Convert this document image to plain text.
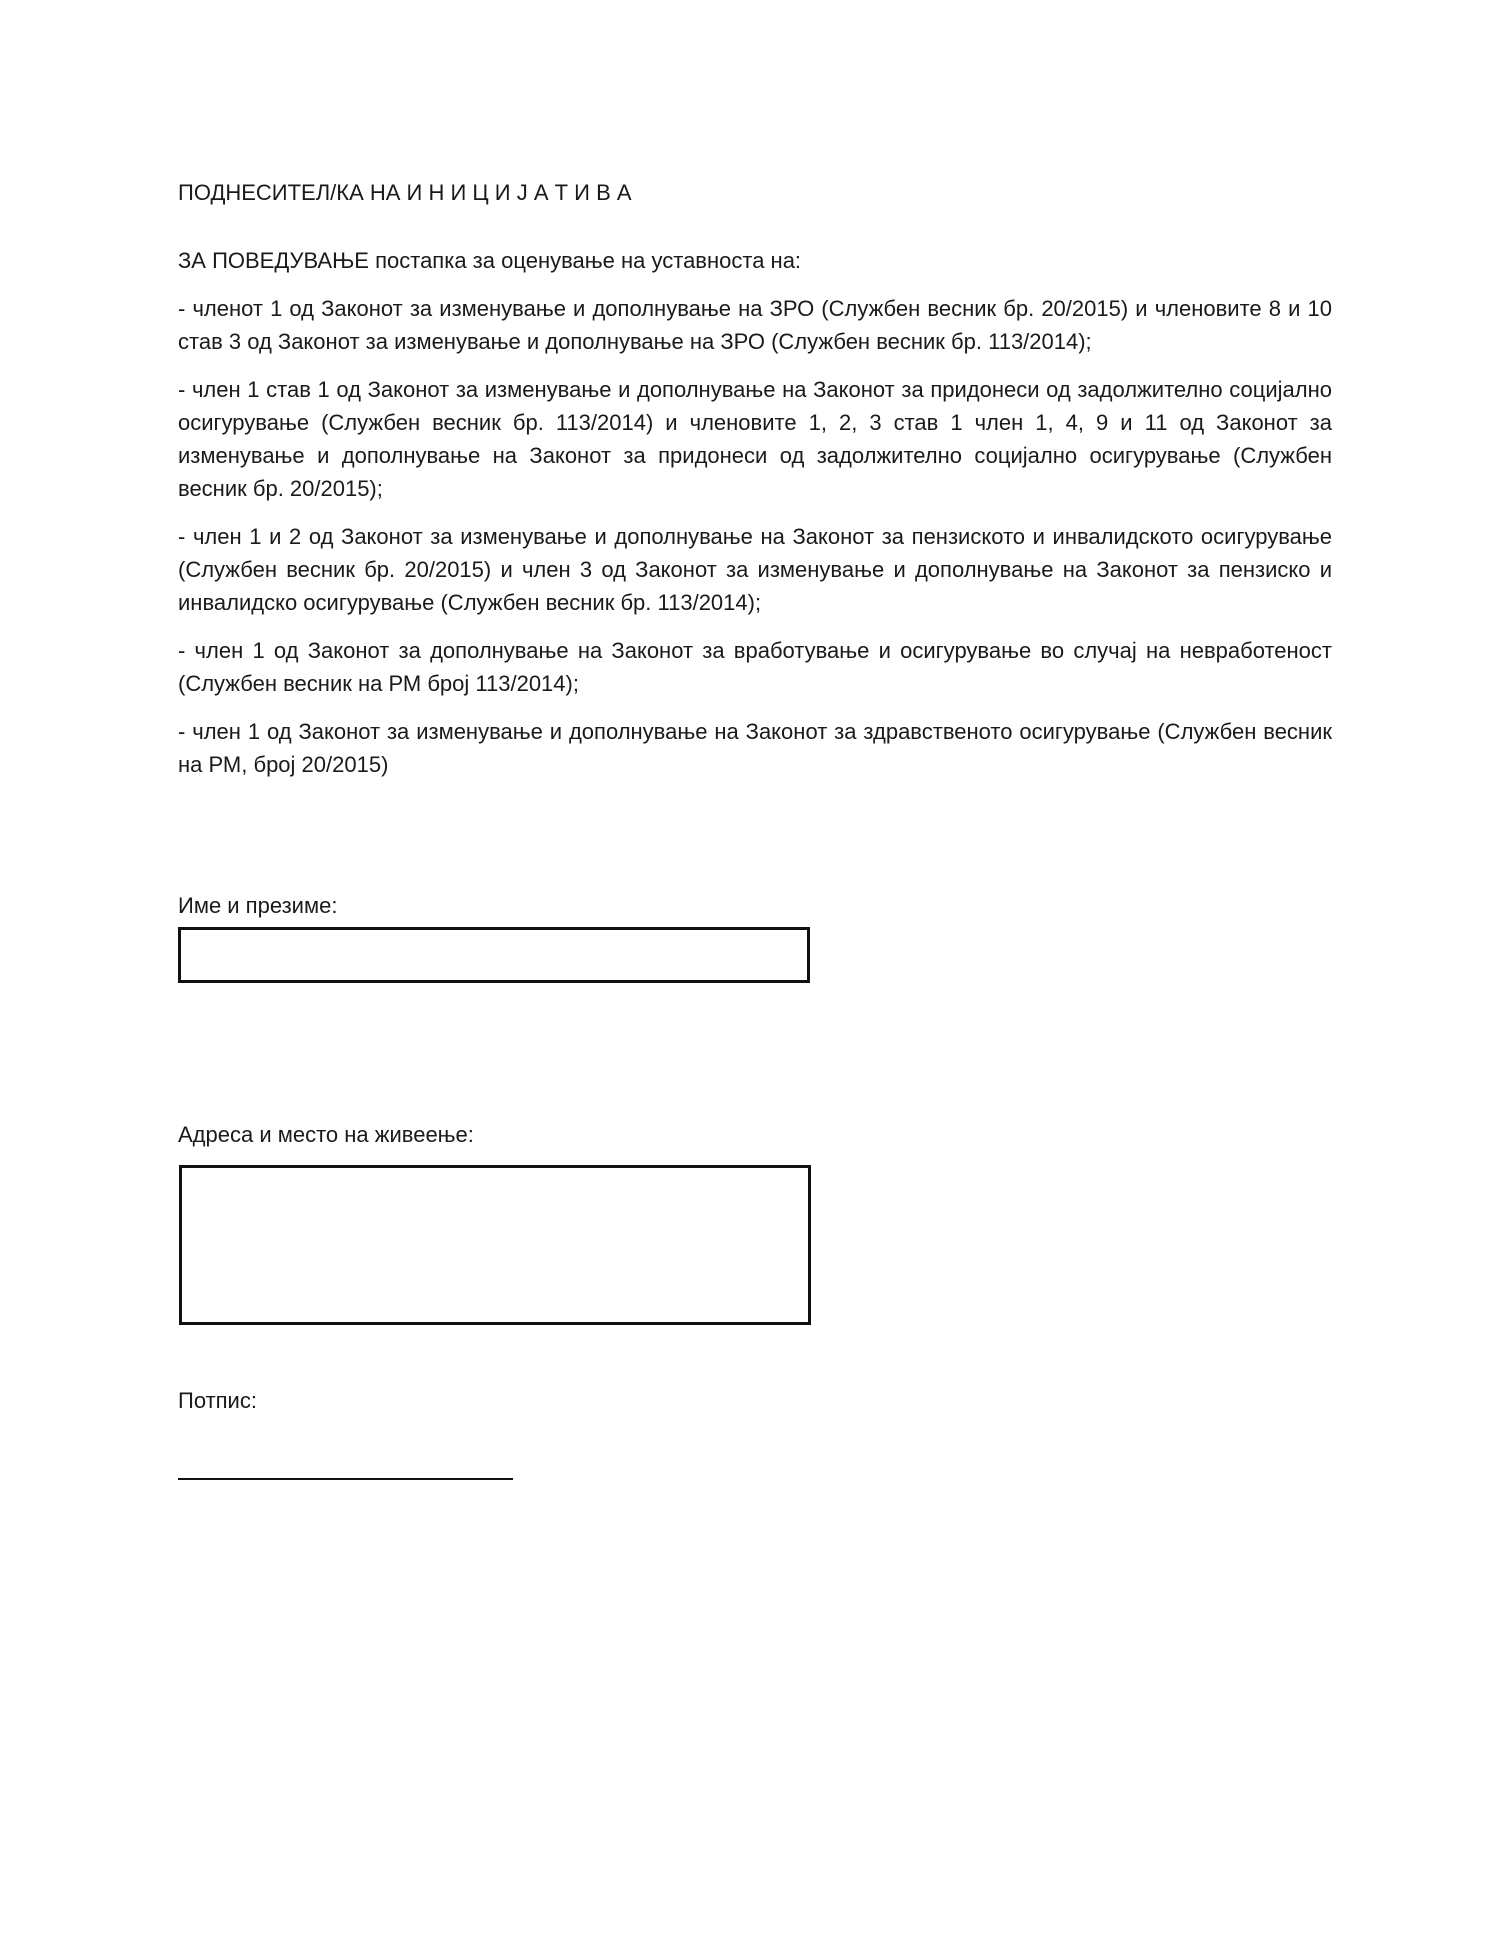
ПОДНЕСИТЕЛ/КА НА И Н И Ц И Ј А Т И В А
ЗА ПОВЕДУВАЊЕ постапка за оценување на уставноста на:

- членот 1 од Законот за изменување и дополнување на ЗРО (Службен весник бр. 20/2015) и членовите 8 и 10 став 3 од Законот за изменување и дополнување на ЗРО (Службен весник бр. 113/2014);

- член 1 став 1 од Законот за изменување и дополнување на Законот за придонеси од задолжително социјално осигурување (Службен весник бр. 113/2014) и членовите 1, 2, 3 став 1 член 1, 4, 9 и 11 од Законот за изменување и дополнување на Законот за придонеси од задолжително социјално осигурување (Службен весник бр. 20/2015);

- член 1 и 2 од Законот за изменување и дополнување на Законот за пензиското и инвалидското осигурување (Службен весник бр. 20/2015) и член 3 од Законот за изменување и дополнување на Законот за пензиско и инвалидско осигурување (Службен весник бр. 113/2014);

- член 1 од Законот за дополнување на Законот за вработување и осигурување во случај на невработеност (Службен весник на РМ број 113/2014);

- член 1 од Законот за изменување и дополнување на Законот за здравственото осигурување (Службен весник на РМ, број 20/2015)

Име и презиме:
Адреса и место на живеење:
Потпис:
